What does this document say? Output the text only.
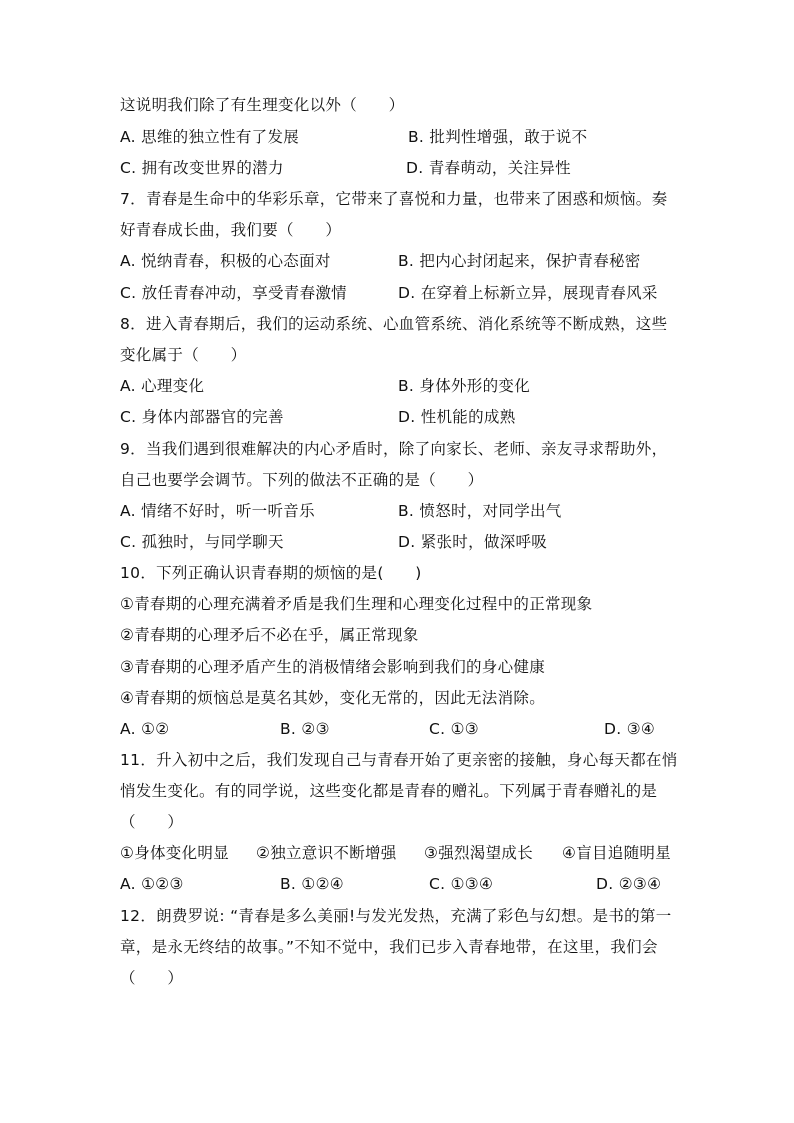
这说明我们除了有生理变化以外（　　）
A. 思维的独立性有了发展	B. 批判性增强，敢于说不
C. 拥有改变世界的潜力	D. 青春萌动，关注异性
7．青春是生命中的华彩乐章，它带来了喜悦和力量，也带来了困惑和烦恼。奏
好青春成长曲，我们要（　　）
A. 悦纳青春，积极的心态面对	B. 把内心封闭起来，保护青春秘密
C. 放任青春冲动，享受青春激情	D. 在穿着上标新立异，展现青春风采
8．进入青春期后，我们的运动系统、心血管系统、消化系统等不断成熟，这些
变化属于（　　）
A. 心理变化	B. 身体外形的变化
C. 身体内部器官的完善	D. 性机能的成熟
9．当我们遇到很难解决的内心矛盾时，除了向家长、老师、亲友寻求帮助外，
自己也要学会调节。下列的做法不正确的是（　　）
A. 情绪不好时，听一听音乐	B. 愤怒时，对同学出气
C. 孤独时，与同学聊天	D. 紧张时，做深呼吸
10．下列正确认识青春期的烦恼的是(　　)
①青春期的心理充满着矛盾是我们生理和心理变化过程中的正常现象
②青春期的心理矛后不必在乎，属正常现象
③青春期的心理矛盾产生的消极情绪会影响到我们的身心健康
④青春期的烦恼总是莫名其妙，变化无常的，因此无法消除。
A. ①②	B. ②③	C. ①③	D. ③④
11．升入初中之后，我们发现自己与青春开始了更亲密的接触，身心每天都在悄
悄发生变化。有的同学说，这些变化都是青春的赠礼。下列属于青春赠礼的是
（　　）
①身体变化明显 ②独立意识不断增强 ③强烈渴望成长 ④盲目追随明星
A. ①②③	B. ①②④	C. ①③④	D. ②③④
12．朗费罗说: “青春是多么美丽!与发光发热，充满了彩色与幻想。是书的第一
章，是永无终结的故事。”不知不觉中，我们已步入青春地带，在这里，我们会
（　　）
